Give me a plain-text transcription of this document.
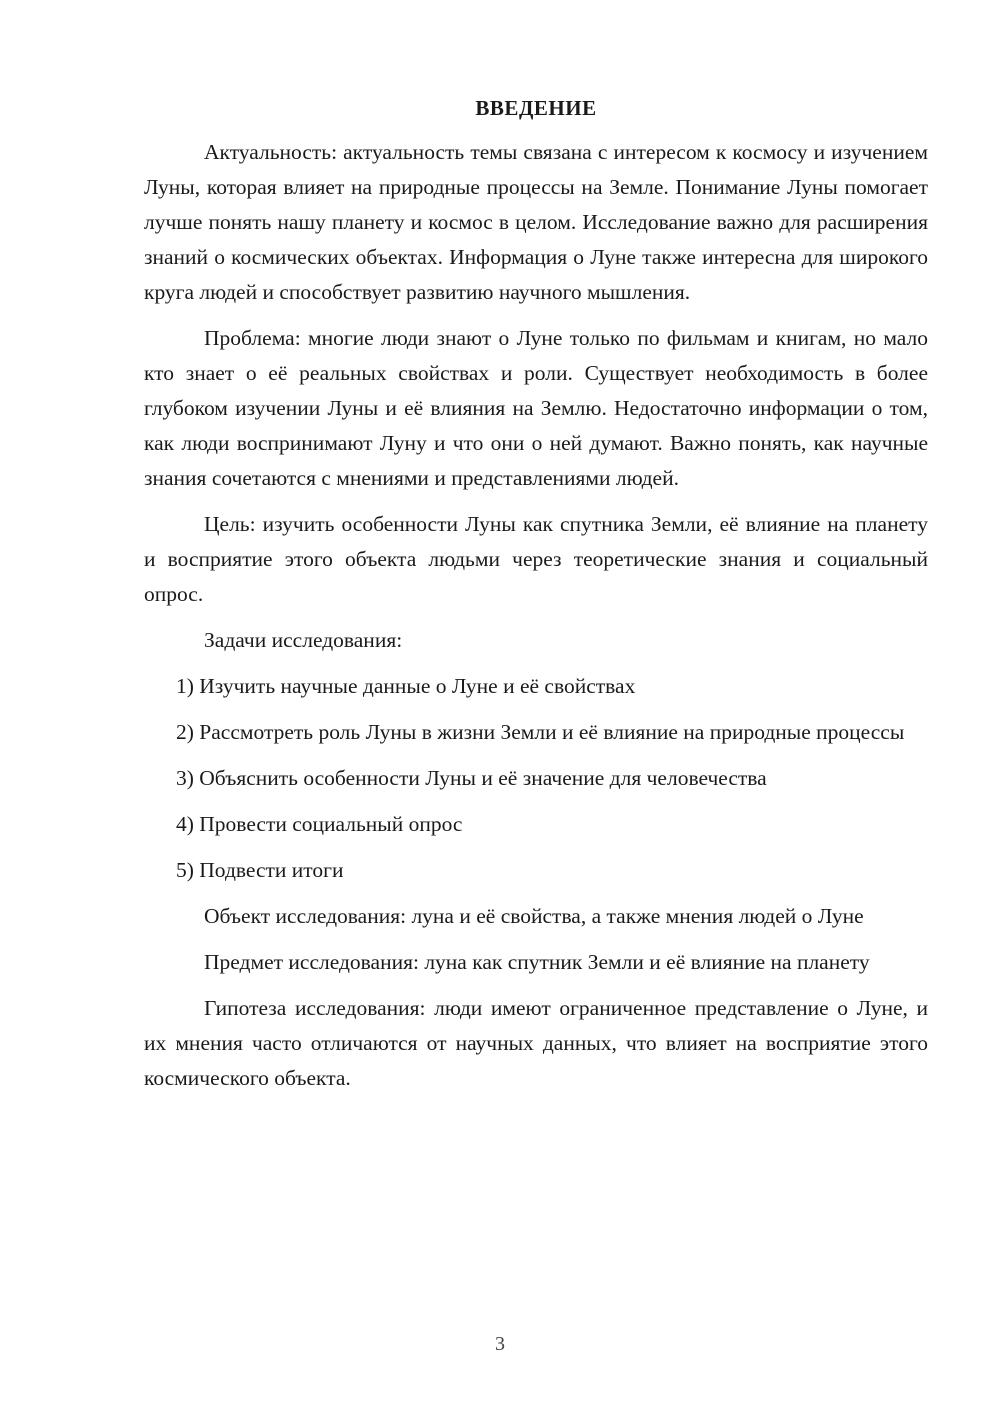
ВВЕДЕНИЕ

Актуальность: актуальность темы связана с интересом к космосу и изучением Луны, которая влияет на природные процессы на Земле. Понимание Луны помогает лучше понять нашу планету и космос в целом. Исследование важно для расширения знаний о космических объектах. Информация о Луне также интересна для широкого круга людей и способствует развитию научного мышления.

Проблема: многие люди знают о Луне только по фильмам и книгам, но мало кто знает о её реальных свойствах и роли. Существует необходимость в более глубоком изучении Луны и её влияния на Землю. Недостаточно информации о том, как люди воспринимают Луну и что они о ней думают. Важно понять, как научные знания сочетаются с мнениями и представлениями людей.

Цель: изучить особенности Луны как спутника Земли, её влияние на планету и восприятие этого объекта людьми через теоретические знания и социальный опрос.

Задачи исследования:

1) Изучить научные данные о Луне и её свойствах

2) Рассмотреть роль Луны в жизни Земли и её влияние на природные процессы

3) Объяснить особенности Луны и её значение для человечества

4) Провести социальный опрос

5) Подвести итоги

Объект исследования: луна и её свойства, а также мнения людей о Луне

Предмет исследования: луна как спутник Земли и её влияние на планету

Гипотеза исследования: люди имеют ограниченное представление о Луне, и их мнения часто отличаются от научных данных, что влияет на восприятие этого космического объекта.

3
